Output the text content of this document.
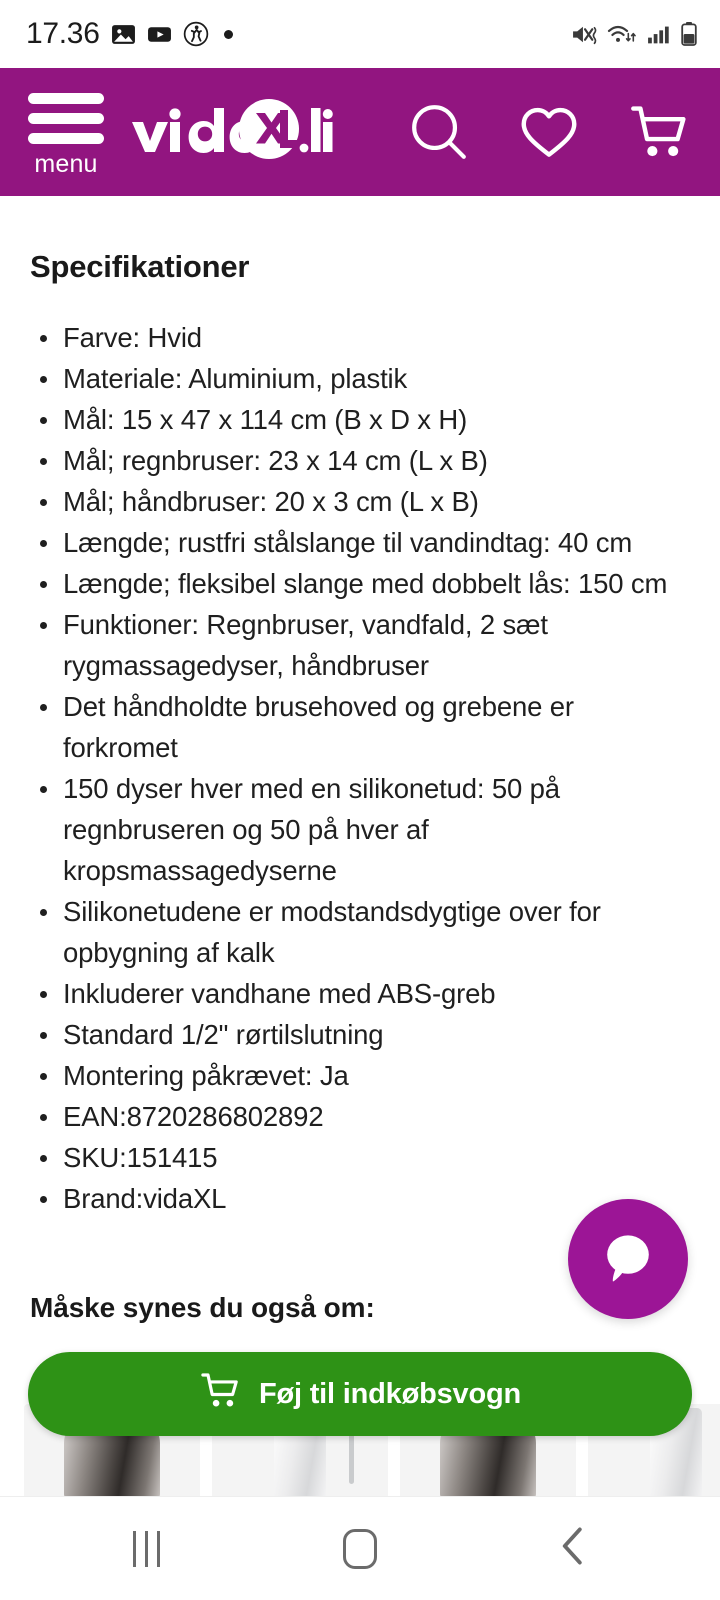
17.36
menu
Specifikationer
Farve: Hvid
Materiale: Aluminium, plastik
Mål: 15 x 47 x 114 cm (B x D x H)
Mål; regnbruser: 23 x 14 cm (L x B)
Mål; håndbruser: 20 x 3 cm (L x B)
Længde; rustfri stålslange til vandindtag: 40 cm
Længde; fleksibel slange med dobbelt lås: 150 cm
Funktioner: Regnbruser, vandfald, 2 sæt rygmassagedyser, håndbruser
Det håndholdte brusehoved og grebene er forkromet
150 dyser hver med en silikonetud: 50 på regnbruseren og 50 på hver af kropsmassagedyserne
Silikonetudene er modstandsdygtige over for opbygning af kalk
Inkluderer vandhane med ABS-greb
Standard 1/2" rørtilslutning
Montering påkrævet: Ja
EAN:8720286802892
SKU:151415
Brand:vidaXL
Måske synes du også om:
Føj til indkøbsvogn
